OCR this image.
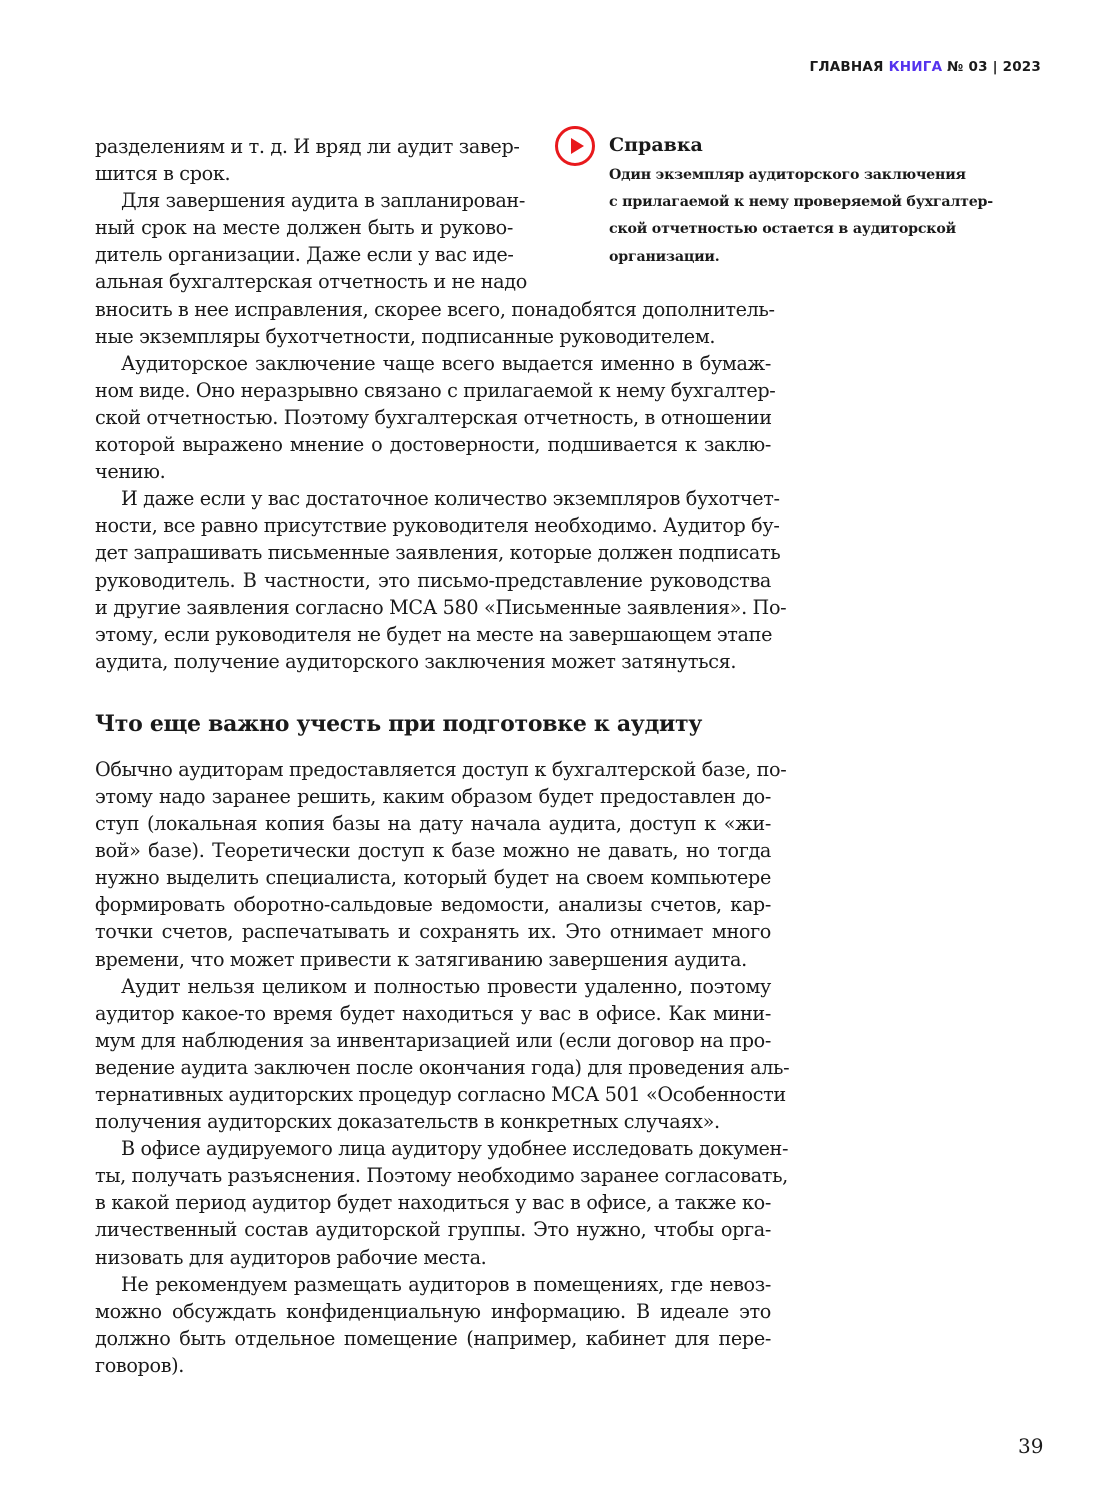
ГЛАВНАЯ КНИГА № 03 | 2023
Справка
Один экземпляр аудиторского заключения
с прилагаемой к нему проверяемой бухгалтер-
ской отчетностью остается в аудиторской
организации.
разделениям и т. д. И вряд ли аудит завер-
шится в срок.
Для завершения аудита в запланирован-
ный срок на месте должен быть и руково-
дитель организации. Даже если у вас иде-
альная бухгалтерская отчетность и не надо
вносить в нее исправления, скорее всего, понадобятся дополнитель-
ные экземпляры бухотчетности, подписанные руководителем.
Аудиторское заключение чаще всего выдается именно в бумаж-
ном виде. Оно неразрывно связано с прилагаемой к нему бухгалтер-
ской отчетностью. Поэтому бухгалтерская отчетность, в отношении
которой выражено мнение о достоверности, подшивается к заклю-
чению.
И даже если у вас достаточное количество экземпляров бухотчет-
ности, все равно присутствие руководителя необходимо. Аудитор бу-
дет запрашивать письменные заявления, которые должен подписать
руководитель. В частности, это письмо-представление руководства
и другие заявления согласно МСА 580 «Письменные заявления». По-
этому, если руководителя не будет на месте на завершающем этапе
аудита, получение аудиторского заключения может затянуться.
Что еще важно учесть при подготовке к аудиту
Обычно аудиторам предоставляется доступ к бухгалтерской базе, по-
этому надо заранее решить, каким образом будет предоставлен до-
ступ (локальная копия базы на дату начала аудита, доступ к «жи-
вой» базе). Теоретически доступ к базе можно не давать, но тогда
нужно выделить специалиста, который будет на своем компьютере
формировать оборотно-сальдовые ведомости, анализы счетов, кар-
точки счетов, распечатывать и сохранять их. Это отнимает много
времени, что может привести к затягиванию завершения аудита.
Аудит нельзя целиком и полностью провести удаленно, поэтому
аудитор какое-то время будет находиться у вас в офисе. Как мини-
мум для наблюдения за инвентаризацией или (если договор на про-
ведение аудита заключен после окончания года) для проведения аль-
тернативных аудиторских процедур согласно МСА 501 «Особенности
получения аудиторских доказательств в конкретных случаях».
В офисе аудируемого лица аудитору удобнее исследовать докумен-
ты, получать разъяснения. Поэтому необходимо заранее согласовать,
в какой период аудитор будет находиться у вас в офисе, а также ко-
личественный состав аудиторской группы. Это нужно, чтобы орга-
низовать для аудиторов рабочие места.
Не рекомендуем размещать аудиторов в помещениях, где невоз-
можно обсуждать конфиденциальную информацию. В идеале это
должно быть отдельное помещение (например, кабинет для пере-
говоров).
39
